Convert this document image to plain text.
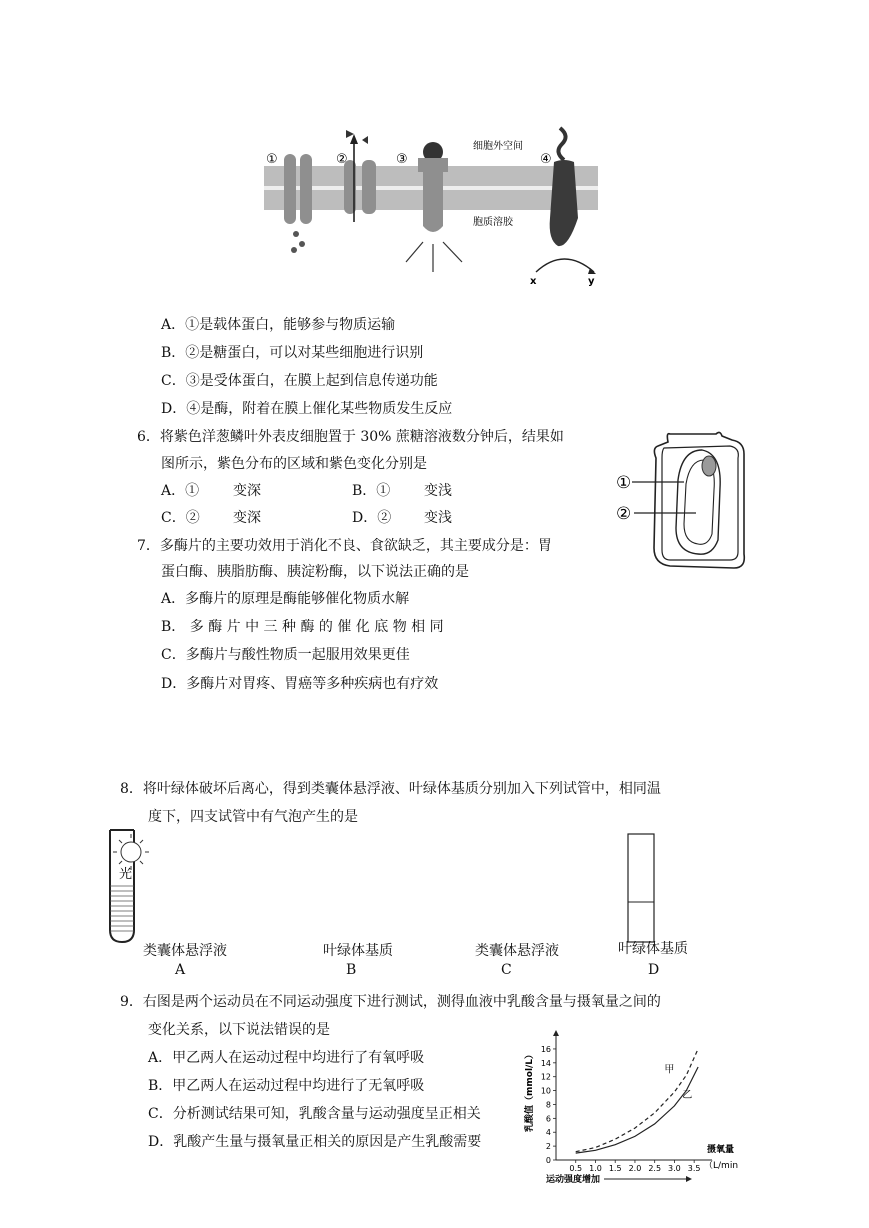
①	②	③	④
细胞外空间
胞质溶胶
x	y
A．①是载体蛋白，能够参与物质运输
B．②是糖蛋白，可以对某些细胞进行识别
C．③是受体蛋白，在膜上起到信息传递功能
D．④是酶，附着在膜上催化某些物质发生反应
6．将紫色洋葱鳞叶外表皮细胞置于 30% 蔗糖溶液数分钟后，结果如
图所示，紫色分布的区域和紫色变化分别是
A．① 变深	B．① 变浅
C．② 变深	D．② 变浅
①
②
7．多酶片的主要功效用于消化不良、食欲缺乏，其主要成分是：胃
蛋白酶、胰脂肪酶、胰淀粉酶，以下说法正确的是
A．多酶片的原理是酶能够催化物质水解
B． 多 酶 片 中 三 种 酶 的 催 化 底 物 相 同
C．多酶片与酸性物质一起服用效果更佳
D．多酶片对胃疼、胃癌等多种疾病也有疗效
8．将叶绿体破坏后离心，得到类囊体悬浮液、叶绿体基质分别加入下列试管中，相同温
度下，四支试管中有气泡产生的是
光
类囊体悬浮液
A
叶绿体基质
B
类囊体悬浮液
C
叶绿体基质
D
9．右图是两个运动员在不同运动强度下进行测试，测得血液中乳酸含量与摄氧量之间的
变化关系，以下说法错误的是
A．甲乙两人在运动过程中均进行了有氧呼吸
B．甲乙两人在运动过程中均进行了无氧呼吸
C．分析测试结果可知，乳酸含量与运动强度呈正相关
D．乳酸产生量与摄氧量正相关的原因是产生乳酸需要
乳酸值（mmol/L）
0
2
4
6
8
10
12
14
16
0.5 1.0 1.5 2.0 2.5 3.0 3.5
甲
乙
摄氧量
（L/min
运动强度增加
